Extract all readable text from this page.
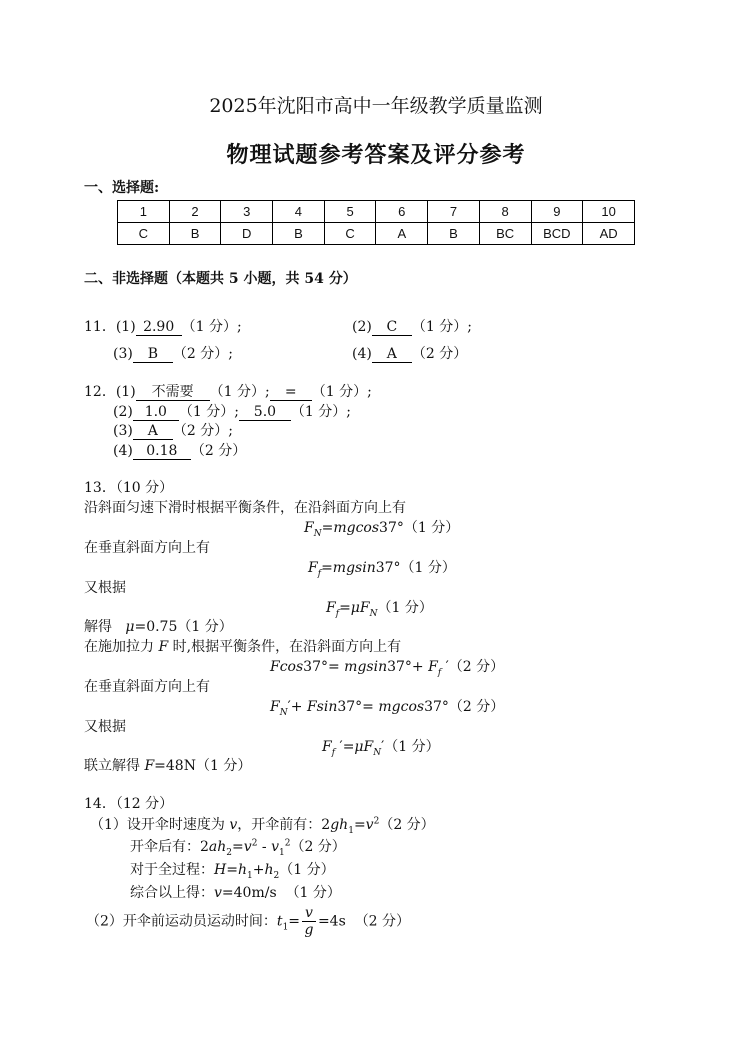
2025年沈阳市高中一年级教学质量监测
物理试题参考答案及评分参考
一、选择题:
1	2	3	4	5	6	7	8	9	10
C	B	D	B	C	A	B	BC	BCD	AD
二、非选择题（本题共 5 小题，共 54 分）
11．(1) 2.90 （1 分）;	(2) C （1 分）;
(3) B （2 分）;	(4) A （2 分）
12．(1) 不需要 （1 分）; = （1 分）;
(2) 1.0 （1 分）; 5.0 （1 分）;
(3) A （2 分）;
(4) 0.18 （2 分）
13．（10 分）
沿斜面匀速下滑时根据平衡条件，在沿斜面方向上有
$F_N=mgcos37^\circ(1$ 分）
在垂直斜面方向上有
$F_f=mgsin37^\circ(1$ 分）
又根据
$F_f=\mu F_N(1$ 分）
解得 μ=0.75（1 分）
在施加拉力 F 时,根据平衡条件，在沿斜面方向上有
$Fcos37^\circ= mgsin37^\circ+ F_f$ ′（2 分）
在垂直斜面方向上有
$F_N'+ Fsin37^\circ= mgcos37^\circ(2$ 分）
又根据
$F_f$ $'=\mu F_N'(1$ 分）
联立解得 F=48N（1 分）
14．（12 分）
（1）设开伞时速度为 v，开伞前有：$2gh_1=v^2(2$ 分）
开伞后有：$2ah_2=v^2 - v_1^2(2$ 分）
对于全过程：$H=h_1+h_2(1$ 分）
综合以上得：v=40m/s （1 分）
（2）开伞前运动员运动时间：$t_1= \frac{v}{g} =4s$ （2 分）
